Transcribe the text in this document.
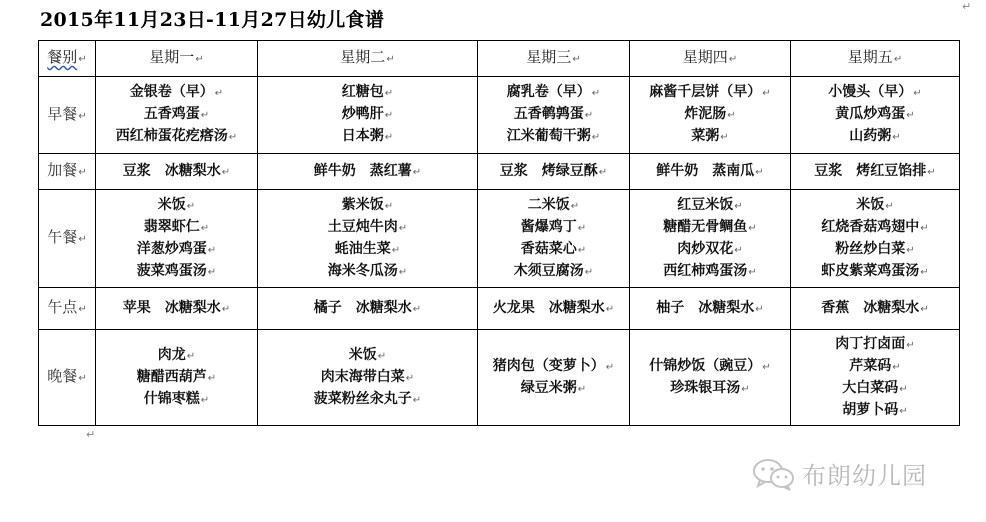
2015年11月23日-11月27日幼儿食谱
↵
餐别↵	星期一↵	星期二↵	星期三↵	星期四↵	星期五↵
早餐↵	金银卷（早）↵
五香鸡蛋↵
西红柿蛋花疙瘩汤↵	红糖包↵
炒鸭肝↵
日本粥↵	腐乳卷（早）↵
五香鹌鹑蛋↵
江米葡萄干粥↵	麻酱千层饼（早）↵
炸泥肠↵
菜粥↵	小馒头（早）↵
黄瓜炒鸡蛋↵
山药粥↵

加餐↵	豆浆 冰糖梨水↵	鲜牛奶 蒸红薯↵	豆浆 烤绿豆酥↵	鲜牛奶 蒸南瓜↵	豆浆 烤红豆馅排↵

午餐↵	米饭↵
翡翠虾仁↵
洋葱炒鸡蛋↵
菠菜鸡蛋汤↵	紫米饭↵
土豆炖牛肉↵
蚝油生菜↵
海米冬瓜汤↵	二米饭↵
酱爆鸡丁↵
香菇菜心↵
木须豆腐汤↵	红豆米饭↵
糖醋无骨鲷鱼↵
肉炒双花↵
西红柿鸡蛋汤↵	米饭↵
红烧香菇鸡翅中↵
粉丝炒白菜↵
虾皮紫菜鸡蛋汤↵

午点↵	苹果 冰糖梨水↵	橘子 冰糖梨水↵	火龙果 冰糖梨水↵	柚子 冰糖梨水↵	香蕉 冰糖梨水↵

晚餐↵	肉龙↵
糖醋西葫芦↵
什锦枣糕↵	米饭↵
肉末海带白菜↵
菠菜粉丝汆丸子↵	猪肉包（变萝卜）↵
绿豆米粥↵	什锦炒饭（豌豆）↵
珍珠银耳汤↵	肉丁打卤面↵
芹菜码↵
大白菜码↵
胡萝卜码↵
↵
布朗幼儿园
